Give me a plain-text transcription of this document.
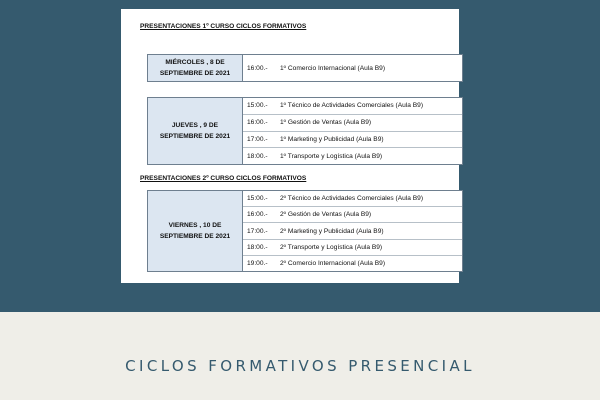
PRESENTACIONES 1º CURSO CICLOS FORMATIVOS
MIÉRCOLES , 8 DE
SEPTIEMBRE DE 2021
16:00.-	1º Comercio Internacional (Aula B9)
JUEVES , 9 DE
SEPTIEMBRE DE 2021
15:00.-	1º Técnico de Actividades Comerciales (Aula B9)
16:00.-	1º Gestión de Ventas (Aula B9)
17:00.-	1º Marketing y Publicidad (Aula B9)
18:00.-	1º Transporte y Logística (Aula B9)
PRESENTACIONES 2º CURSO CICLOS FORMATIVOS
VIERNES , 10 DE
SEPTIEMBRE DE 2021
15:00.-	2º Técnico de Actividades Comerciales (Aula B9)
16:00.-	2º Gestión de Ventas (Aula B9)
17:00.-	2º Marketing y Publicidad (Aula B9)
18:00.-	2º Transporte y Logística (Aula B9)
19:00.-	2º Comercio Internacional (Aula B9)
CICLOS FORMATIVOS PRESENCIAL
